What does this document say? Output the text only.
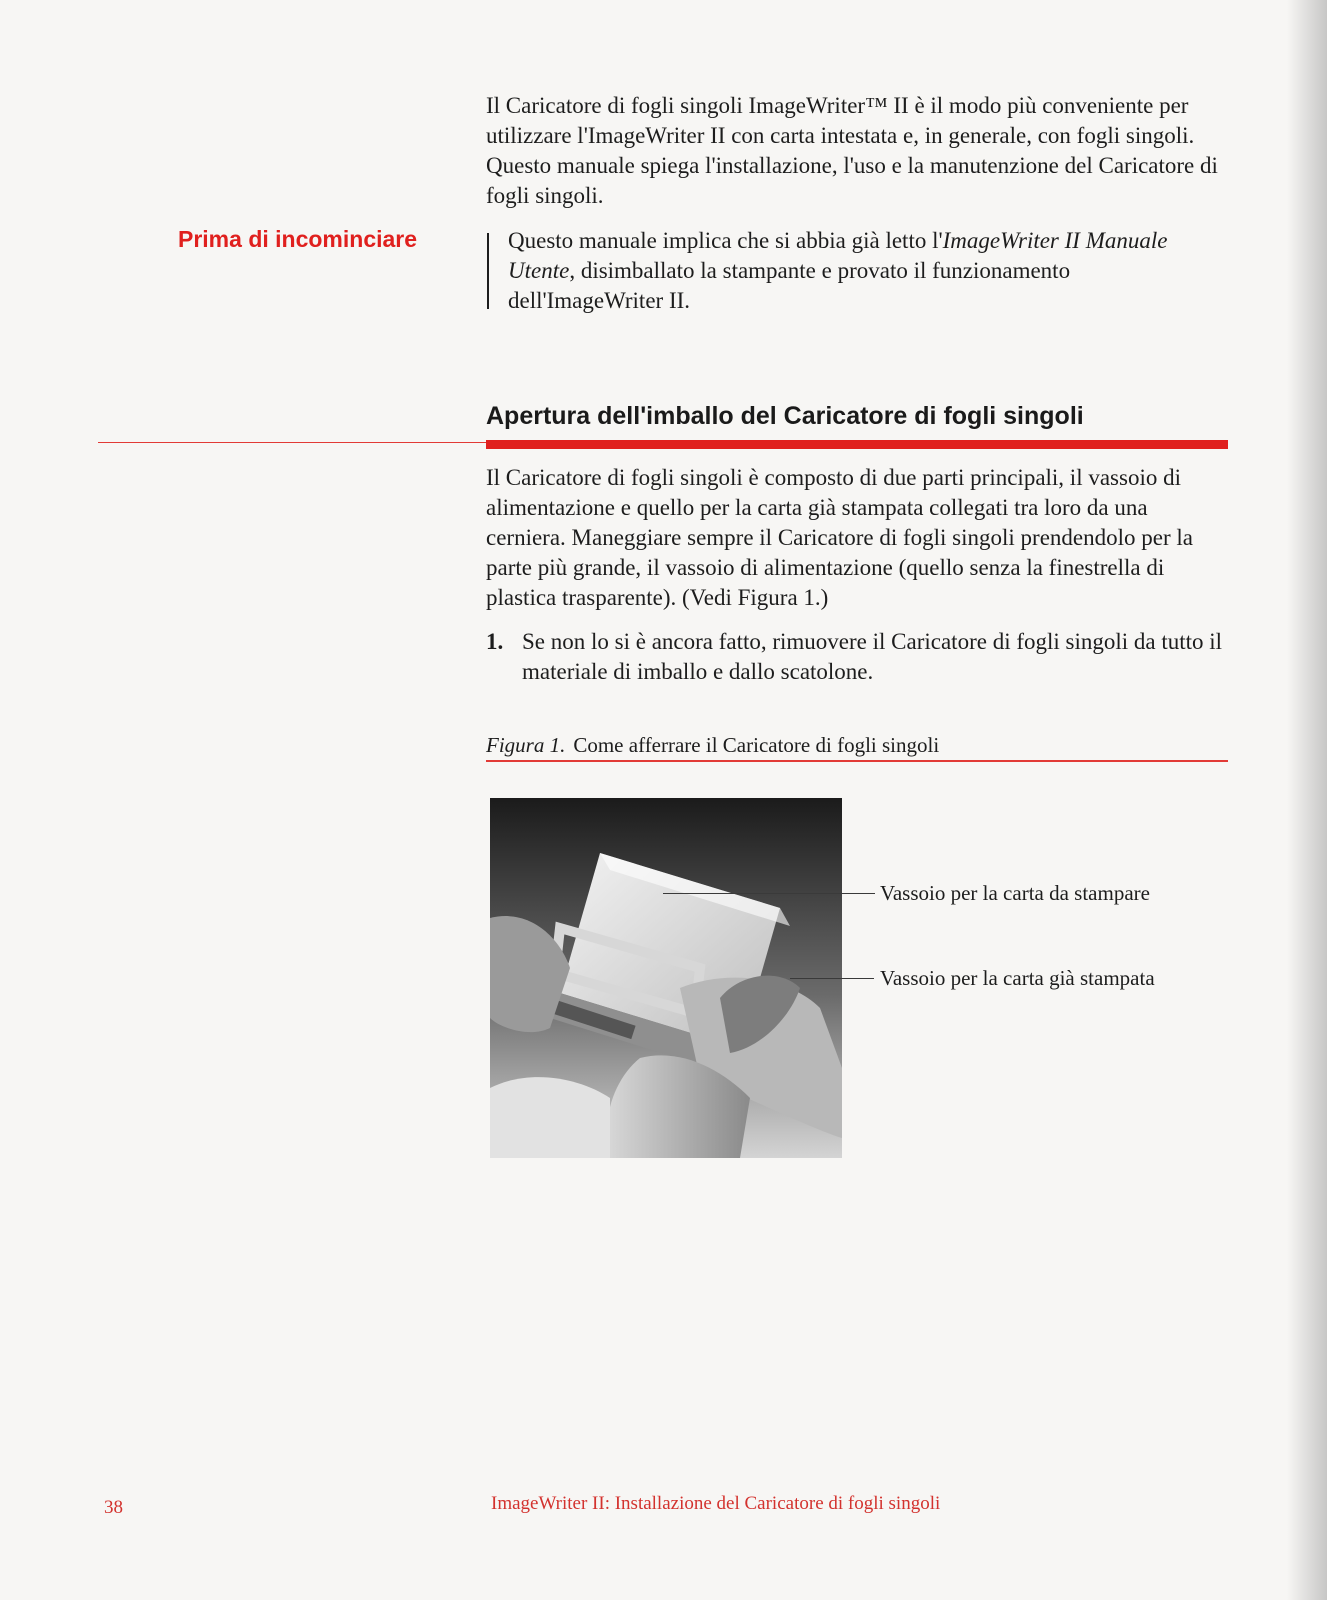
Il Caricatore di fogli singoli ImageWriter™ II è il modo più conveniente per utilizzare l'ImageWriter II con carta intestata e, in generale, con fogli singoli. Questo manuale spiega l'installazione, l'uso e la manutenzione del Caricatore di fogli singoli.

Prima di incominciare	Questo manuale implica che si abbia già letto l'ImageWriter II Manuale Utente, disimballato la stampante e provato il funzionamento dell'ImageWriter II.

Apertura dell'imballo del Caricatore di fogli singoli

Il Caricatore di fogli singoli è composto di due parti principali, il vassoio di alimentazione e quello per la carta già stampata collegati tra loro da una cerniera. Maneggiare sempre il Caricatore di fogli singoli prendendolo per la parte più grande, il vassoio di alimentazione (quello senza la finestrella di plastica trasparente). (Vedi Figura 1.)

1. Se non lo si è ancora fatto, rimuovere il Caricatore di fogli singoli da tutto il materiale di imballo e dallo scatolone.
Figura 1. Come afferrare il Caricatore di fogli singoli
Vassoio per la carta da stampare
Vassoio per la carta già stampata
38	ImageWriter II: Installazione del Caricatore di fogli singoli
